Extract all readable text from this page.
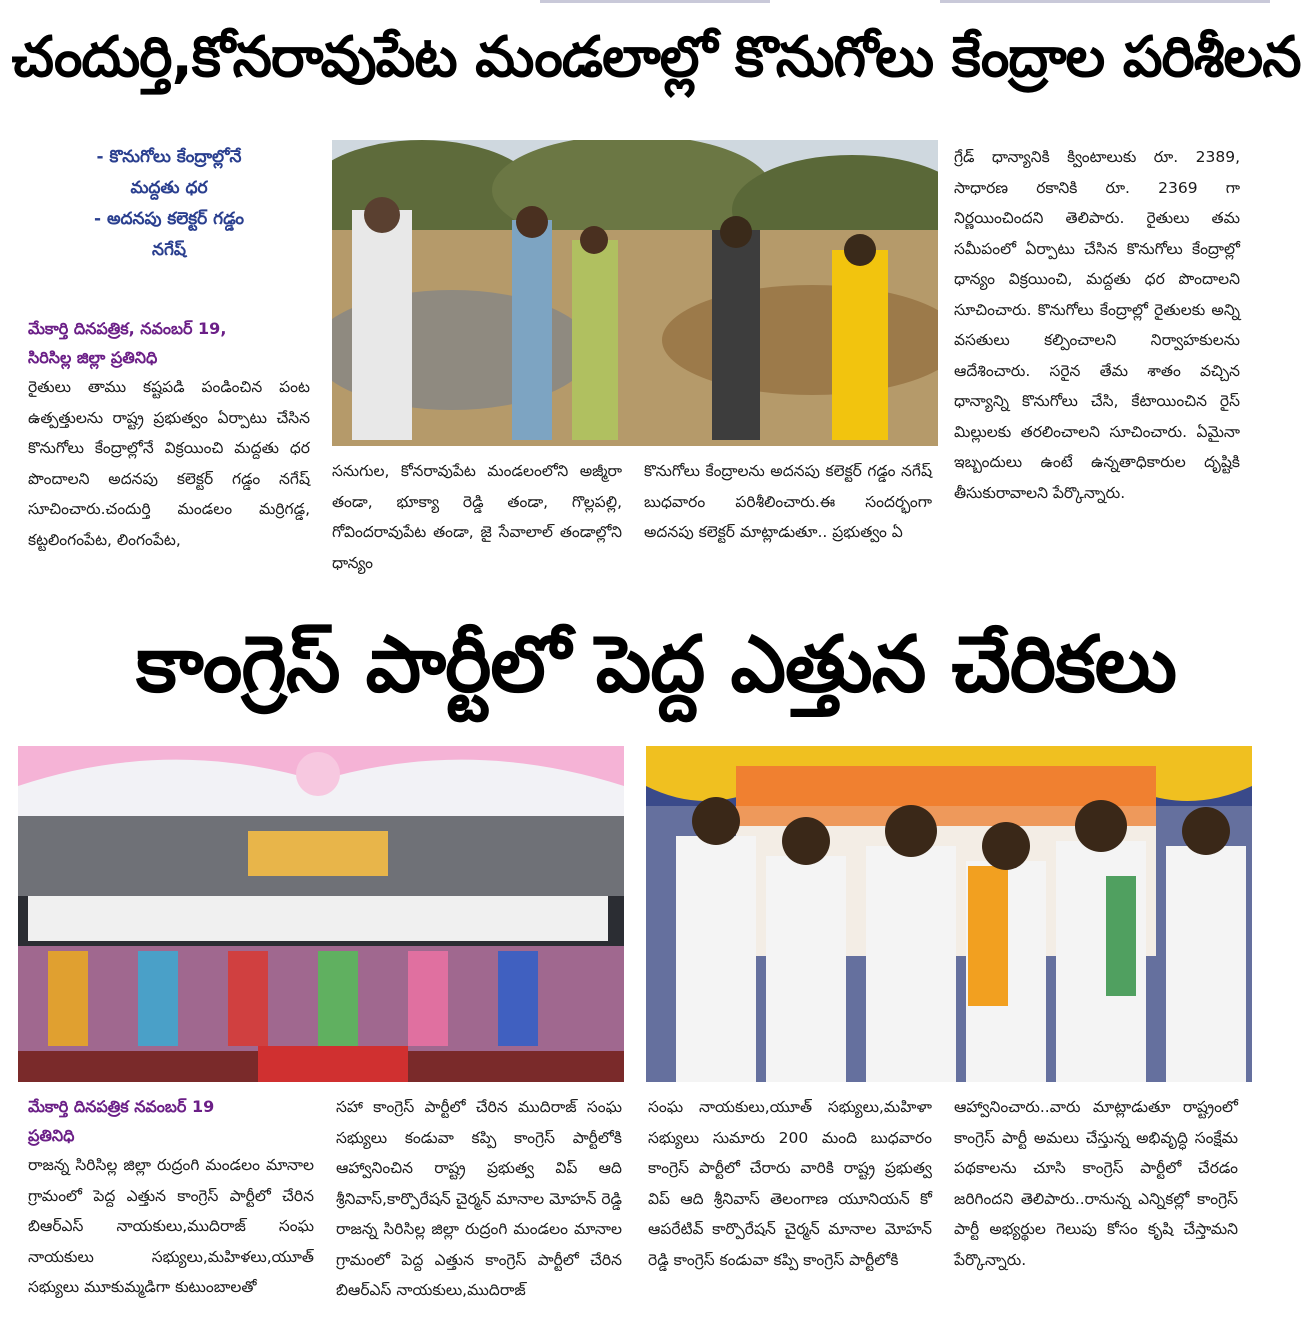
చందుర్తి,కోనరావుపేట మండలాల్లో కొనుగోలు కేంద్రాల పరిశీలన
- కొనుగోలు కేంద్రాల్లోనే
మద్దతు ధర
- అదనపు కలెక్టర్ గడ్డం
నగేష్
మేకార్తి దినపత్రిక, నవంబర్ 19,
సిరిసిల్ల జిల్లా ప్రతినిధి
రైతులు తాము కష్టపడి పండించిన పంట ఉత్పత్తులను రాష్ట్ర ప్రభుత్వం ఏర్పాటు చేసిన కొనుగోలు కేంద్రాల్లోనే విక్రయించి మద్దతు ధర పొందాలని అదనపు కలెక్టర్ గడ్డం నగేష్ సూచించారు.చందుర్తి మండలం మర్రిగడ్డ, కట్టలింగంపేట, లింగంపేట,
సనుగుల, కోనరావుపేట మండలంలోని అజ్మీరా తండా, భూక్యా రెడ్డి తండా, గొల్లపల్లి, గోవిందరావుపేట తండా, జై సేవాలాల్ తండాల్లోని ధాన్యం
కొనుగోలు కేంద్రాలను అదనపు కలెక్టర్ గడ్డం నగేష్ బుధవారం పరిశీలించారు.ఈ సందర్భంగా అదనపు కలెక్టర్ మాట్లాడుతూ.. ప్రభుత్వం ఏ
గ్రేడ్ ధాన్యానికి క్వింటాలుకు రూ. 2389, సాధారణ రకానికి రూ. 2369 గా నిర్ణయించిందని తెలిపారు. రైతులు తమ సమీపంలో ఏర్పాటు చేసిన కొనుగోలు కేంద్రాల్లో ధాన్యం విక్రయించి, మద్దతు ధర పొందాలని సూచించారు. కొనుగోలు కేంద్రాల్లో రైతులకు అన్ని వసతులు కల్పించాలని నిర్వాహకులను ఆదేశించారు. సరైన తేమ శాతం వచ్చిన ధాన్యాన్ని కొనుగోలు చేసి, కేటాయించిన రైస్ మిల్లులకు తరలించాలని సూచించారు. ఏమైనా ఇబ్బందులు ఉంటే ఉన్నతాధికారుల దృష్టికి తీసుకురావాలని పేర్కొన్నారు.
కాంగ్రెస్ పార్టీలో పెద్ద ఎత్తున చేరికలు
మేకార్తి దినపత్రిక నవంబర్ 19
ప్రతినిధి
రాజన్న సిరిసిల్ల జిల్లా రుద్రంగి మండలం మానాల గ్రామంలో పెద్ద ఎత్తున కాంగ్రెస్ పార్టీలో చేరిన బిఆర్ఎస్ నాయకులు,ముదిరాజ్ సంఘ నాయకులు సభ్యులు,మహిళలు,యూత్ సభ్యులు మూకుమ్మడిగా కుటుంబాలతో
సహా కాంగ్రెస్ పార్టీలో చేరిన ముదిరాజ్ సంఘ సభ్యులు కండువా కప్పి కాంగ్రెస్ పార్టీలోకి ఆహ్వానించిన రాష్ట్ర ప్రభుత్వ విప్ ఆది శ్రీనివాస్,కార్పొరేషన్ చైర్మన్ మానాల మోహన్ రెడ్డి రాజన్న సిరిసిల్ల జిల్లా రుద్రంగి మండలం మానాల గ్రామంలో పెద్ద ఎత్తున కాంగ్రెస్ పార్టీలో చేరిన బిఆర్ఎస్ నాయకులు,ముదిరాజ్
సంఘ నాయకులు,యూత్ సభ్యులు,మహిళా సభ్యులు సుమారు 200 మంది బుధవారం కాంగ్రెస్ పార్టీలో చేరారు వారికి రాష్ట్ర ప్రభుత్వ విప్ ఆది శ్రీనివాస్ తెలంగాణ యూనియన్ కో ఆపరేటివ్ కార్పొరేషన్ చైర్మన్ మానాల మోహన్ రెడ్డి కాంగ్రెస్ కండువా కప్పి కాంగ్రెస్ పార్టీలోకి
ఆహ్వానించారు..వారు మాట్లాడుతూ రాష్ట్రంలో కాంగ్రెస్ పార్టీ అమలు చేస్తున్న అభివృద్ధి సంక్షేమ పథకాలను చూసి కాంగ్రెస్ పార్టీలో చేరడం జరిగిందని తెలిపారు..రానున్న ఎన్నికల్లో కాంగ్రెస్ పార్టీ అభ్యర్థుల గెలుపు కోసం కృషి చేస్తామని పేర్కొన్నారు.
